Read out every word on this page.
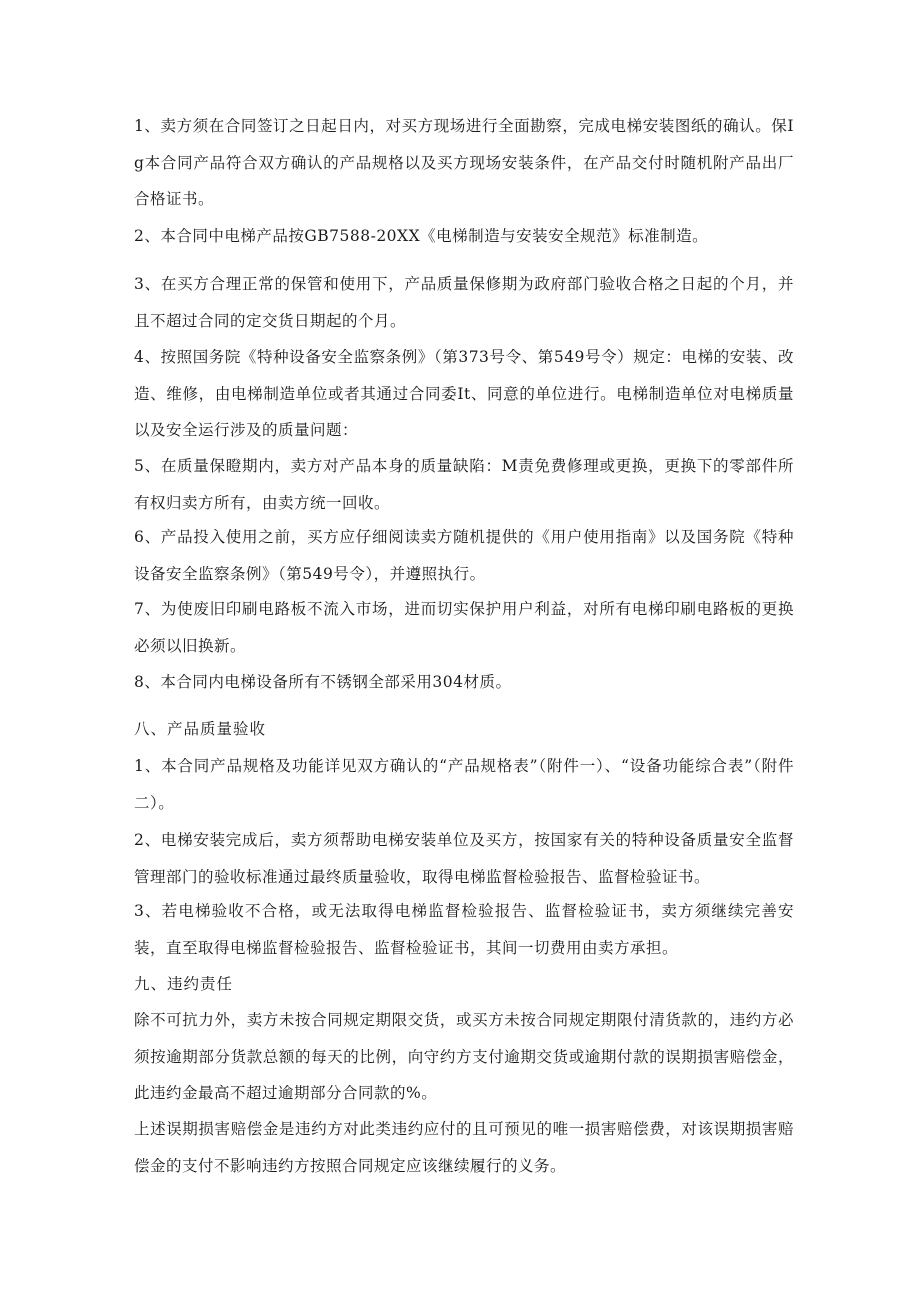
1、卖方须在合同签订之日起日内，对买方现场进行全面勘察，完成电梯安装图纸的确认。保Ig本合同产品符合双方确认的产品规格以及买方现场安装条件，在产品交付时随机附产品出厂合格证书。

2、本合同中电梯产品按GB7588-20XX《电梯制造与安装安全规范》标准制造。

3、在买方合理正常的保管和使用下，产品质量保修期为政府部门验收合格之日起的个月，并且不超过合同的定交货日期起的个月。

4、按照国务院《特种设备安全监察条例》（第373号令、第549号令）规定：电梯的安装、改造、维修，由电梯制造单位或者其通过合同委It、同意的单位进行。电梯制造单位对电梯质量以及安全运行涉及的质量问题：

5、在质量保瞪期内，卖方对产品本身的质量缺陷：M责免费修理或更换，更换下的零部件所有权归卖方所有，由卖方统一回收。

6、产品投入使用之前，买方应仔细阅读卖方随机提供的《用户使用指南》以及国务院《特种设备安全监察条例》（第549号令），并遵照执行。

7、为使废旧印刷电路板不流入市场，进而切实保护用户利益，对所有电梯印刷电路板的更换必须以旧换新。

8、本合同内电梯设备所有不锈钢全部采用304材质。

八、产品质量验收

1、本合同产品规格及功能详见双方确认的“产品规格表”（附件一）、“设备功能综合表”（附件二）。

2、电梯安装完成后，卖方须帮助电梯安装单位及买方，按国家有关的特种设备质量安全监督管理部门的验收标准通过最终质量验收，取得电梯监督检验报告、监督检验证书。

3、若电梯验收不合格，或无法取得电梯监督检验报告、监督检验证书，卖方须继续完善安装，直至取得电梯监督检验报告、监督检验证书，其间一切费用由卖方承担。

九、违约责任

除不可抗力外，卖方未按合同规定期限交货，或买方未按合同规定期限付清货款的，违约方必须按逾期部分货款总额的每天的比例，向守约方支付逾期交货或逾期付款的误期损害赔偿金，此违约金最高不超过逾期部分合同款的%。

上述误期损害赔偿金是违约方对此类违约应付的且可预见的唯一损害赔偿费，对该误期损害赔偿金的支付不影响违约方按照合同规定应该继续履行的义务。
